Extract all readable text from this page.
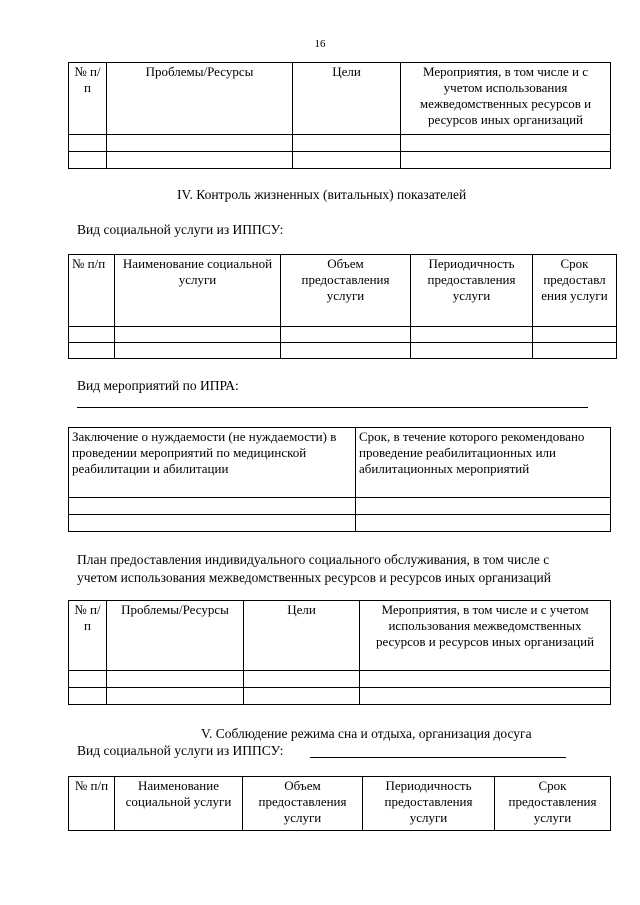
16
№ п/п	Проблемы/Ресурсы	Цели	Мероприятия, в том числе и с учетом использования межведомственных ресурсов и ресурсов иных организаций

IV. Контроль жизненных (витальных) показателей
Вид социальной услуги из ИППСУ:
№ п/п	Наименование социальной услуги	Объем предоставления услуги	Периодичность предоставления услуги	Срок предоставл ения услуги

Вид мероприятий по ИПРА:
Заключение о нуждаемости (не нуждаемости) в проведении мероприятий по медицинской реабилитации и абилитации	Срок, в течение которого рекомендовано проведение реабилитационных или абилитационных мероприятий

План предоставления индивидуального социального обслуживания, в том числе с
учетом использования межведомственных ресурсов и ресурсов иных организаций
№ п/п	Проблемы/Ресурсы	Цели	Мероприятия, в том числе и с учетом использования межведомственных ресурсов и ресурсов иных организаций

V. Соблюдение режима сна и отдыха, организация досуга
Вид социальной услуги из ИППСУ:
№ п/п	Наименование социальной услуги	Объем предоставления услуги	Периодичность предоставления услуги	Срок предоставления услуги
